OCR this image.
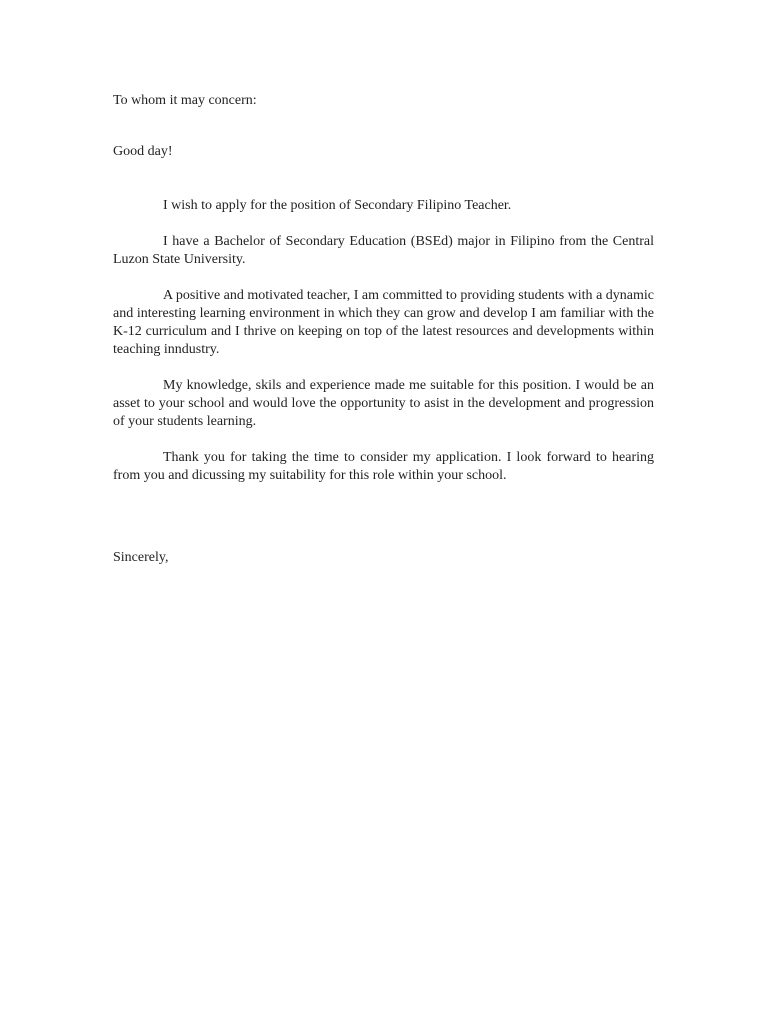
To whom it may concern:

Good day!

I wish to apply for the position of Secondary Filipino Teacher.

I have a Bachelor of Secondary Education (BSEd) major in Filipino from the Central Luzon State University.

A positive and motivated teacher, I am committed to providing students with a dynamic and interesting learning environment in which they can grow and develop I am familiar with the K-12 curriculum and I thrive on keeping on top of the latest resources and developments within teaching inndustry.

My knowledge, skils and experience made me suitable for this position. I would be an asset to your school and would love the opportunity to asist in the development and progression of your students learning.

Thank you for taking the time to consider my application. I look forward to hearing from you and dicussing my suitability for this role within your school.

Sincerely,
